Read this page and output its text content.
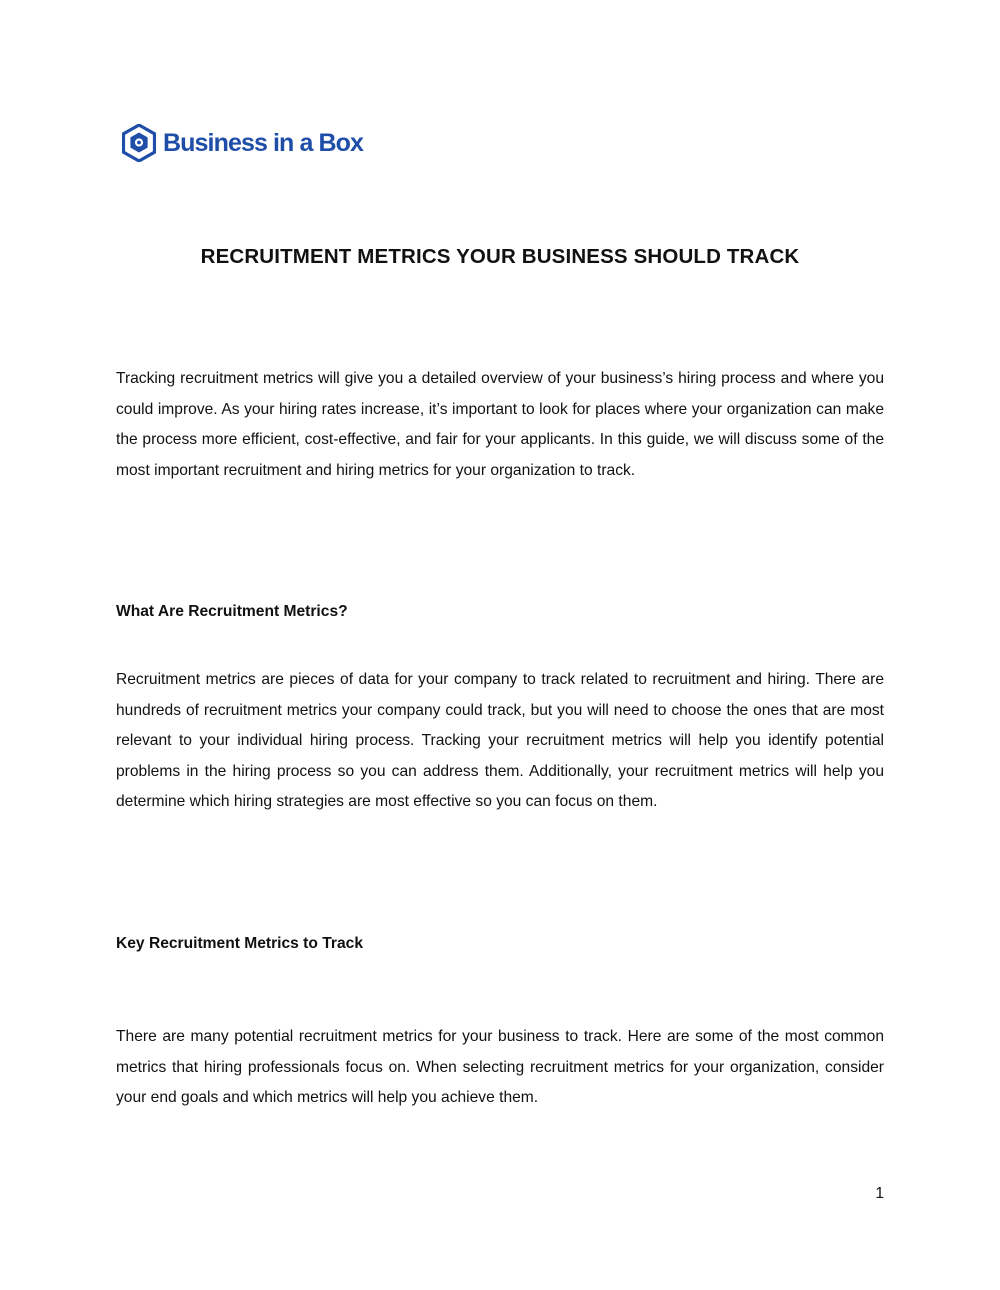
Business in a Box
RECRUITMENT METRICS YOUR BUSINESS SHOULD TRACK

Tracking recruitment metrics will give you a detailed overview of your business’s hiring process and where you could improve. As your hiring rates increase, it’s important to look for places where your organization can make the process more efficient, cost-effective, and fair for your applicants. In this guide, we will discuss some of the most important recruitment and hiring metrics for your organization to track.

What Are Recruitment Metrics?

Recruitment metrics are pieces of data for your company to track related to recruitment and hiring. There are hundreds of recruitment metrics your company could track, but you will need to choose the ones that are most relevant to your individual hiring process. Tracking your recruitment metrics will help you identify potential problems in the hiring process so you can address them. Additionally, your recruitment metrics will help you determine which hiring strategies are most effective so you can focus on them.

Key Recruitment Metrics to Track

There are many potential recruitment metrics for your business to track. Here are some of the most common metrics that hiring professionals focus on. When selecting recruitment metrics for your organization, consider your end goals and which metrics will help you achieve them.

1
